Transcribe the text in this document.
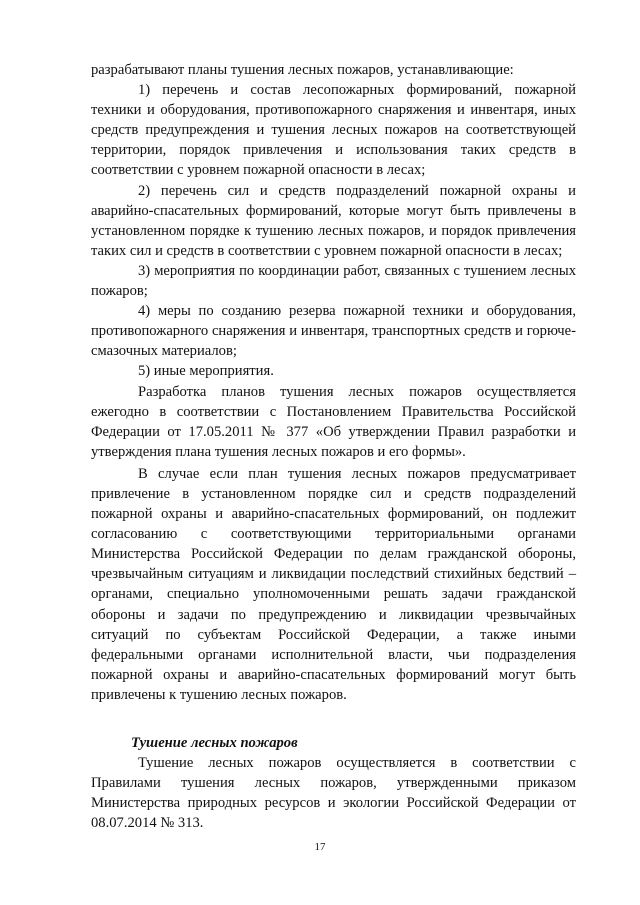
разрабатывают планы тушения лесных пожаров, устанавливающие:

1) перечень и состав лесопожарных формирований, пожарной техники и оборудования, противопожарного снаряжения и инвентаря, иных средств предупреждения и тушения лесных пожаров на соответствующей территории, порядок привлечения и использования таких средств в соответствии с уровнем пожарной опасности в лесах;

2) перечень сил и средств подразделений пожарной охраны и аварийно-спасательных формирований, которые могут быть привлечены в установленном порядке к тушению лесных пожаров, и порядок привлечения таких сил и средств в соответствии с уровнем пожарной опасности в лесах;

3) мероприятия по координации работ, связанных с тушением лесных пожаров;

4) меры по созданию резерва пожарной техники и оборудования, противопожарного снаряжения и инвентаря, транспортных средств и горюче-смазочных материалов;

5) иные мероприятия.

Разработка планов тушения лесных пожаров осуществляется ежегодно в соответствии с Постановлением Правительства Российской Федерации от 17.05.2011 № 377 «Об утверждении Правил разработки и утверждения плана тушения лесных пожаров и его формы».

В случае если план тушения лесных пожаров предусматривает привлечение в установленном порядке сил и средств подразделений пожарной охраны и аварийно-спасательных формирований, он подлежит согласованию с соответствующими территориальными органами Министерства Российской Федерации по делам гражданской обороны, чрезвычайным ситуациям и ликвидации последствий стихийных бедствий – органами, специально уполномоченными решать задачи гражданской обороны и задачи по предупреждению и ликвидации чрезвычайных ситуаций по субъектам Российской Федерации, а также иными федеральными органами исполнительной власти, чьи подразделения пожарной охраны и аварийно-спасательных формирований могут быть привлечены к тушению лесных пожаров.

Тушение лесных пожаров

Тушение лесных пожаров осуществляется в соответствии с Правилами тушения лесных пожаров, утвержденными приказом Министерства природных ресурсов и экологии Российской Федерации от 08.07.2014 № 313.

17
